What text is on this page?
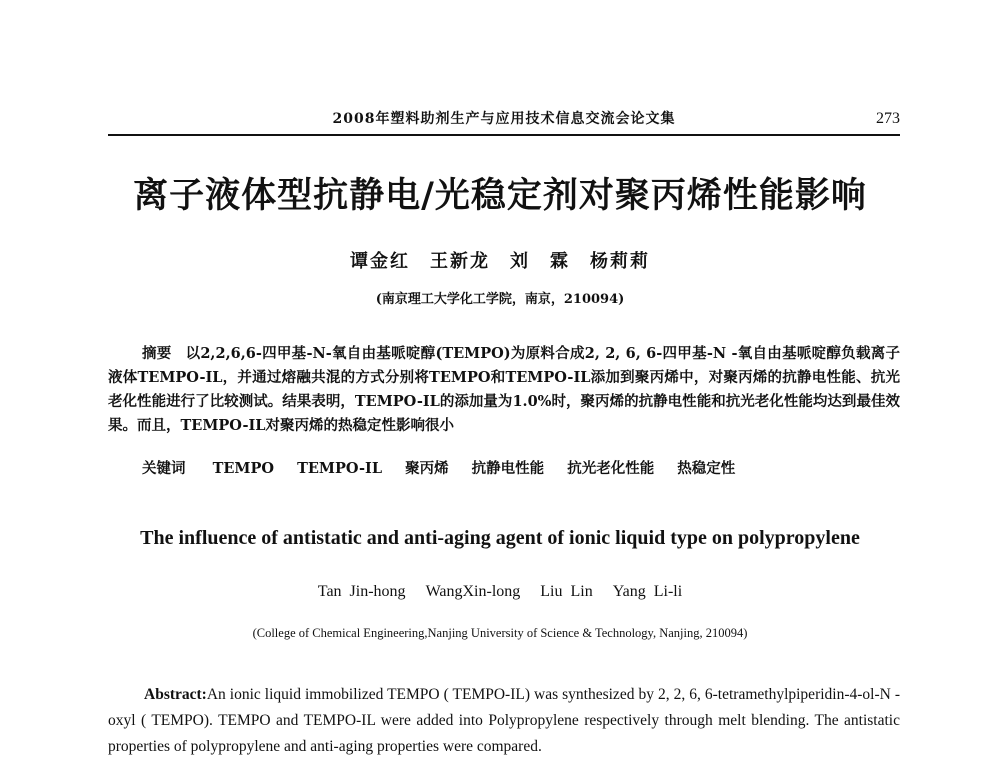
2008年塑料助剂生产与应用技术信息交流会论文集	273
离子液体型抗静电/光稳定剂对聚丙烯性能影响
谭金红　王新龙　刘　霖　杨莉莉
(南京理工大学化工学院，南京，210094)
摘要 以2,2,6,6-四甲基-N-氧自由基哌啶醇(TEMPO)为原料合成2, 2, 6, 6-四甲基-N -氧自由基哌啶醇负载离子液体TEMPO-IL，并通过熔融共混的方式分别将TEMPO和TEMPO-IL添加到聚丙烯中，对聚丙烯的抗静电性能、抗光老化性能进行了比较测试。结果表明，TEMPO-IL的添加量为1.0%时，聚丙烯的抗静电性能和抗光老化性能均达到最佳效果。而且，TEMPO-IL对聚丙烯的热稳定性影响很小
关键词 TEMPO TEMPO-IL 聚丙烯 抗静电性能 抗光老化性能 热稳定性
The influence of antistatic and anti-aging agent of ionic liquid type on polypropylene
Tan Jin-hong WangXin-long Liu Lin Yang Li-li
(College of Chemical Engineering,Nanjing University of Science & Technology, Nanjing, 210094)
Abstract:An ionic liquid immobilized TEMPO ( TEMPO-IL) was synthesized by 2, 2, 6, 6-tetramethylpiperidin-4-ol-N -oxyl ( TEMPO). TEMPO and TEMPO-IL were added into Polypropylene respectively through melt blending. The antistatic properties of polypropylene and anti-aging properties were compared.
